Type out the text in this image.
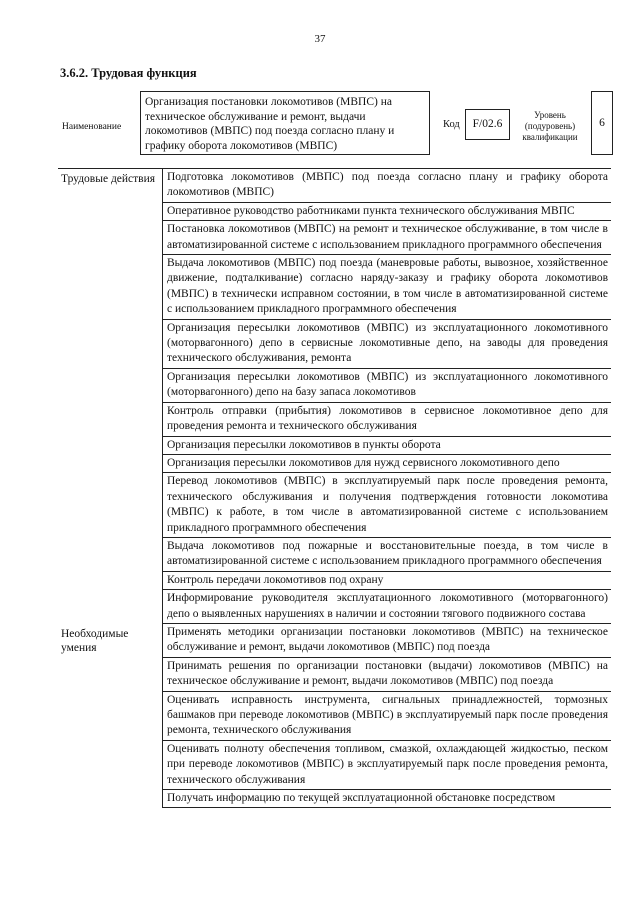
37
3.6.2. Трудовая функция
Наименование
Организация постановки локомотивов (МВПС) на техническое обслуживание и ремонт, выдачи локомотивов (МВПС) под поезда согласно плану и графику оборота локомотивов (МВПС)
Код	F/02.6
Уровень (подуровень) квалификации
6
Трудовые действия	Подготовка локомотивов (МВПС) под поезда согласно плану и графику оборота локомотивов (МВПС)
Оперативное руководство работниками пункта технического обслуживания МВПС
Постановка локомотивов (МВПС) на ремонт и техническое обслуживание, в том числе в автоматизированной системе с использованием прикладного программного обеспечения
Выдача локомотивов (МВПС) под поезда (маневровые работы, вывозное, хозяйственное движение, подталкивание) согласно наряду-заказу и графику оборота локомотивов (МВПС) в технически исправном состоянии, в том числе в автоматизированной системе с использованием прикладного программного обеспечения
Организация пересылки локомотивов (МВПС) из эксплуатационного локомотивного (моторвагонного) депо в сервисные локомотивные депо, на заводы для проведения технического обслуживания, ремонта
Организация пересылки локомотивов (МВПС) из эксплуатационного локомотивного (моторвагонного) депо на базу запаса локомотивов
Контроль отправки (прибытия) локомотивов в сервисное локомотивное депо для проведения ремонта и технического обслуживания
Организация пересылки локомотивов в пункты оборота
Организация пересылки локомотивов для нужд сервисного локомотивного депо
Перевод локомотивов (МВПС) в эксплуатируемый парк после проведения ремонта, технического обслуживания и получения подтверждения готовности локомотива (МВПС) к работе, в том числе в автоматизированной системе с использованием прикладного программного обеспечения
Выдача локомотивов под пожарные и восстановительные поезда, в том числе в автоматизированной системе с использованием прикладного программного обеспечения
Контроль передачи локомотивов под охрану
Информирование руководителя эксплуатационного локомотивного (моторвагонного) депо о выявленных нарушениях в наличии и состоянии тягового подвижного состава
Необходимые умения
Применять методики организации постановки локомотивов (МВПС) на техническое обслуживание и ремонт, выдачи локомотивов (МВПС) под поезда
Принимать решения по организации постановки (выдачи) локомотивов (МВПС) на техническое обслуживание и ремонт, выдачи локомотивов (МВПС) под поезда
Оценивать исправность инструмента, сигнальных принадлежностей, тормозных башмаков при переводе локомотивов (МВПС) в эксплуатируемый парк после проведения ремонта, технического обслуживания
Оценивать полноту обеспечения топливом, смазкой, охлаждающей жидкостью, песком при переводе локомотивов (МВПС) в эксплуатируемый парк после проведения ремонта, технического обслуживания
Получать информацию по текущей эксплуатационной обстановке посредством
